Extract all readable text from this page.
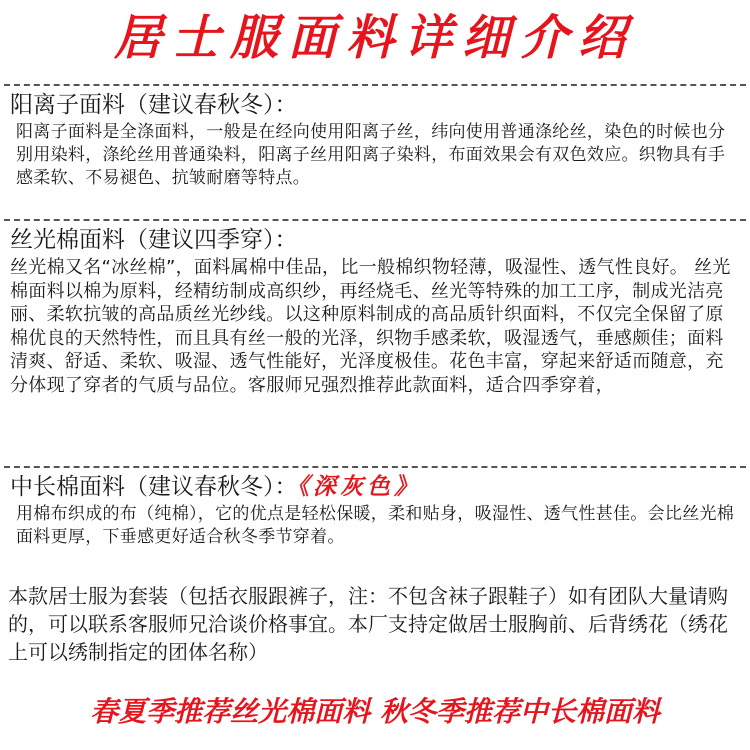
居士服面料详细介绍
阳离子面料（建议春秋冬）：
阳离子面料是全涤面料，一般是在经向使用阳离子丝，纬向使用普通涤纶丝，染色的时候也分别用染料，涤纶丝用普通染料，阳离子丝用阳离子染料，布面效果会有双色效应。织物具有手感柔软、不易褪色、抗皱耐磨等特点。
丝光棉面料（建议四季穿）：
丝光棉又名“冰丝棉”，面料属棉中佳品，比一般棉织物轻薄，吸湿性、透气性良好。 丝光棉面料以棉为原料，经精纺制成高织纱，再经烧毛、丝光等特殊的加工工序，制成光洁亮丽、柔软抗皱的高品质丝光纱线。以这种原料制成的高品质针织面料，不仅完全保留了原棉优良的天然特性，而且具有丝一般的光泽，织物手感柔软，吸湿透气，垂感颇佳；面料清爽、舒适、柔软、吸湿、透气性能好，光泽度极佳。花色丰富，穿起来舒适而随意，充分体现了穿者的气质与品位。客服师兄强烈推荐此款面料，适合四季穿着，
中长棉面料（建议春秋冬）：《深灰色》
用棉布织成的布（纯棉），它的优点是轻松保暖，柔和贴身，吸湿性、透气性甚佳。会比丝光棉面料更厚，下垂感更好适合秋冬季节穿着。
本款居士服为套装（包括衣服跟裤子，注：不包含袜子跟鞋子）如有团队大量请购的，可以联系客服师兄洽谈价格事宜。本厂支持定做居士服胸前、后背绣花（绣花上可以绣制指定的团体名称）
春夏季推荐丝光棉面料 秋冬季推荐中长棉面料
